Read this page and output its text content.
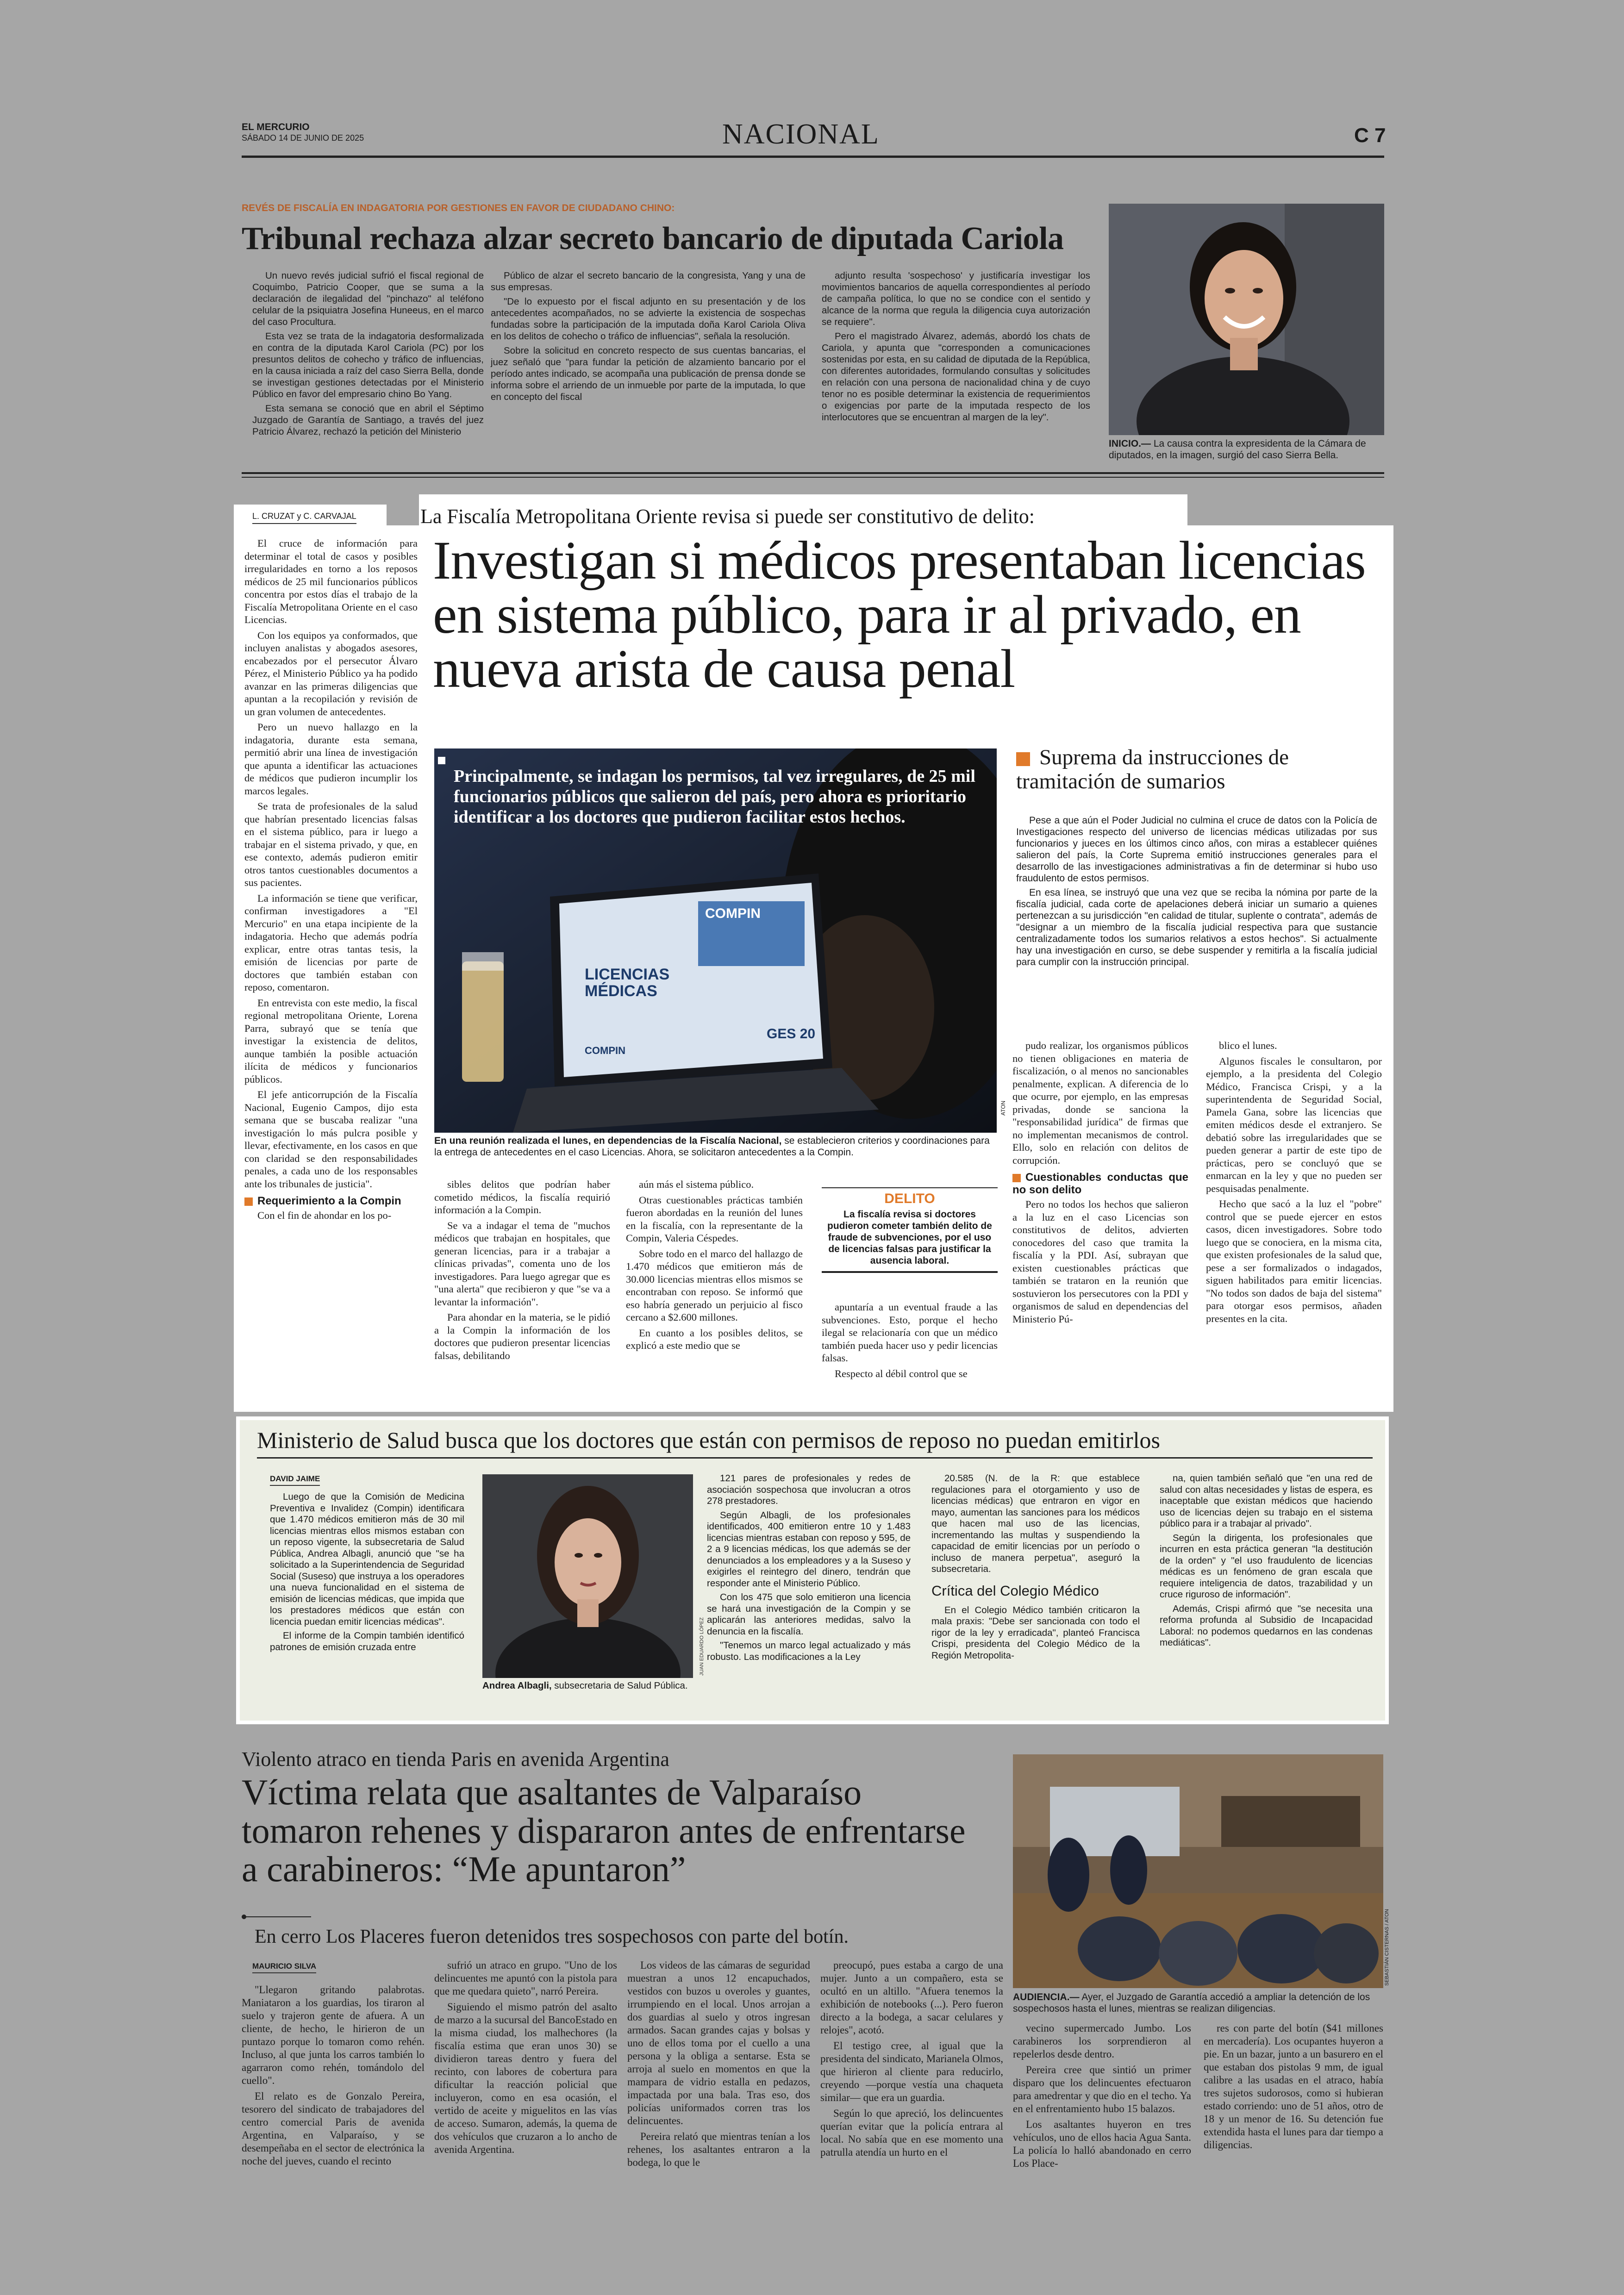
EL MERCURIO
SÁBADO 14 DE JUNIO DE 2025	NACIONAL	C 7
REVÉS DE FISCALÍA EN INDAGATORIA POR GESTIONES EN FAVOR DE CIUDADANO CHINO:
Tribunal rechaza alzar secreto bancario de diputada Cariola

Un nuevo revés judicial sufrió el fiscal regional de Coquimbo, Patricio Cooper, que se suma a la declaración de ilegalidad del "pinchazo" al teléfono celular de la psiquiatra Josefina Huneeus, en el marco del caso Procultura.

Esta vez se trata de la indagatoria desformalizada en contra de la diputada Karol Cariola (PC) por los presuntos delitos de cohecho y tráfico de influencias, en la causa iniciada a raíz del caso Sierra Bella, donde se investigan gestiones detectadas por el Ministerio Público en favor del empresario chino Bo Yang.

Esta semana se conoció que en abril el Séptimo Juzgado de Garantía de Santiago, a través del juez Patricio Álvarez, rechazó la petición del Ministerio

Público de alzar el secreto bancario de la congresista, Yang y una de sus empresas.

"De lo expuesto por el fiscal adjunto en su presentación y de los antecedentes acompañados, no se advierte la existencia de sospechas fundadas sobre la participación de la imputada doña Karol Cariola Oliva en los delitos de cohecho o tráfico de influencias", señala la resolución.

Sobre la solicitud en concreto respecto de sus cuentas bancarias, el juez señaló que "para fundar la petición de alzamiento bancario por el período antes indicado, se acompaña una publicación de prensa donde se informa sobre el arriendo de un inmueble por parte de la imputada, lo que en concepto del fiscal

adjunto resulta 'sospechoso' y justificaría investigar los movimientos bancarios de aquella correspondientes al período de campaña política, lo que no se condice con el sentido y alcance de la norma que regula la diligencia cuya autorización se requiere".

Pero el magistrado Álvarez, además, abordó los chats de Cariola, y apunta que "corresponden a comunicaciones sostenidas por esta, en su calidad de diputada de la República, con diferentes autoridades, formulando consultas y solicitudes en relación con una persona de nacionalidad china y de cuyo tenor no es posible determinar la existencia de requerimientos o exigencias por parte de la imputada respecto de los interlocutores que se encuentran al margen de la ley".

INICIO.— La causa contra la expresidenta de la Cámara de diputados, en la imagen, surgió del caso Sierra Bella.
L. CRUZAT y C. CARVAJAL	La Fiscalía Metropolitana Oriente revisa si puede ser constitutivo de delito:
Investigan si médicos presentaban licencias en sistema público, para ir al privado, en nueva arista de causa penal

El cruce de información para determinar el total de casos y posibles irregularidades en torno a los reposos médicos de 25 mil funcionarios públicos concentra por estos días el trabajo de la Fiscalía Metropolitana Oriente en el caso Licencias.

Con los equipos ya conformados, que incluyen analistas y abogados asesores, encabezados por el persecutor Álvaro Pérez, el Ministerio Público ya ha podido avanzar en las primeras diligencias que apuntan a la recopilación y revisión de un gran volumen de antecedentes.

Pero un nuevo hallazgo en la indagatoria, durante esta semana, permitió abrir una línea de investigación que apunta a identificar las actuaciones de médicos que pudieron incumplir los marcos legales.

Se trata de profesionales de la salud que habrían presentado licencias falsas en el sistema público, para ir luego a trabajar en el sistema privado, y que, en ese contexto, además pudieron emitir otros tantos cuestionables documentos a sus pacientes.

La información se tiene que verificar, confirman investigadores a "El Mercurio" en una etapa incipiente de la indagatoria. Hecho que además podría explicar, entre otras tantas tesis, la emisión de licencias por parte de doctores que también estaban con reposo, comentaron.

En entrevista con este medio, la fiscal regional metropolitana Oriente, Lorena Parra, subrayó que se tenía que investigar la existencia de delitos, aunque también la posible actuación ilícita de médicos y funcionarios públicos.

El jefe anticorrupción de la Fiscalía Nacional, Eugenio Campos, dijo esta semana que se buscaba realizar "una investigación lo más pulcra posible y llevar, efectivamente, en los casos en que con claridad se den responsabilidades penales, a cada uno de los responsables ante los tribunales de justicia".

Requerimiento a la Compin

Con el fin de ahondar en los po-

LICENCIAS
MÉDICAS
COMPIN
COMPIN
GES 20
Principalmente, se indagan los permisos, tal vez irregulares, de 25 mil funcionarios públicos que salieron del país, pero ahora es prioritario identificar a los doctores que pudieron facilitar estos hechos.
ATON
En una reunión realizada el lunes, en dependencias de la Fiscalía Nacional, se establecieron criterios y coordinaciones para la entrega de antecedentes en el caso Licencias. Ahora, se solicitaron antecedentes a la Compin.
Suprema da instrucciones de tramitación de sumarios

Pese a que aún el Poder Judicial no culmina el cruce de datos con la Policía de Investigaciones respecto del universo de licencias médicas utilizadas por sus funcionarios y jueces en los últimos cinco años, con miras a establecer quiénes salieron del país, la Corte Suprema emitió instrucciones generales para el desarrollo de las investigaciones administrativas a fin de determinar si hubo uso fraudulento de estos permisos.

En esa línea, se instruyó que una vez que se reciba la nómina por parte de la fiscalía judicial, cada corte de apelaciones deberá iniciar un sumario a quienes pertenezcan a su jurisdicción "en calidad de titular, suplente o contrata", además de "designar a un miembro de la fiscalía judicial respectiva para que sustancie centralizadamente todos los sumarios relativos a estos hechos". Si actualmente hay una investigación en curso, se debe suspender y remitirla a la fiscalía judicial para cumplir con la instrucción principal.

sibles delitos que podrían haber cometido médicos, la fiscalía requirió información a la Compin.

Se va a indagar el tema de "muchos médicos que trabajan en hospitales, que generan licencias, para ir a trabajar a clínicas privadas", comenta uno de los investigadores. Para luego agregar que es "una alerta" que recibieron y que "se va a levantar la información".

Para ahondar en la materia, se le pidió a la Compin la información de los doctores que pudieron presentar licencias falsas, debilitando

aún más el sistema público.

Otras cuestionables prácticas también fueron abordadas en la reunión del lunes en la fiscalía, con la representante de la Compin, Valeria Céspedes.

Sobre todo en el marco del hallazgo de 1.470 médicos que emitieron más de 30.000 licencias mientras ellos mismos se encontraban con reposo. Se informó que eso habría generado un perjuicio al fisco cercano a $2.600 millones.

En cuanto a los posibles delitos, se explicó a este medio que se

DELITO
La fiscalía revisa si doctores pudieron cometer también delito de fraude de subvenciones, por el uso de licencias falsas para justificar la ausencia laboral.

apuntaría a un eventual fraude a las subvenciones. Esto, porque el hecho ilegal se relacionaría con que un médico también pueda hacer uso y pedir licencias falsas.

Respecto al débil control que se

pudo realizar, los organismos públicos no tienen obligaciones en materia de fiscalización, o al menos no sancionables penalmente, explican. A diferencia de lo que ocurre, por ejemplo, en las empresas privadas, donde se sanciona la "responsabilidad jurídica" de firmas que no implementan mecanismos de control. Ello, solo en relación con delitos de corrupción.

Cuestionables conductas que no son delito

Pero no todos los hechos que salieron a la luz en el caso Licencias son constitutivos de delitos, advierten conocedores del caso que tramita la fiscalía y la PDI. Así, subrayan que existen cuestionables prácticas que también se trataron en la reunión que sostuvieron los persecutores con la PDI y organismos de salud en dependencias del Ministerio Pú-

blico el lunes.

Algunos fiscales le consultaron, por ejemplo, a la presidenta del Colegio Médico, Francisca Crispi, y a la superintendenta de Seguridad Social, Pamela Gana, sobre las licencias que emiten médicos desde el extranjero. Se debatió sobre las irregularidades que se pueden generar a partir de este tipo de prácticas, pero se concluyó que se enmarcan en la ley y que no pueden ser pesquisadas penalmente.

Hecho que sacó a la luz el "pobre" control que se puede ejercer en estos casos, dicen investigadores. Sobre todo luego que se conociera, en la misma cita, que existen profesionales de la salud que, pese a ser formalizados o indagados, siguen habilitados para emitir licencias. "No todos son dados de baja del sistema" para otorgar esos permisos, añaden presentes en la cita.

Ministerio de Salud busca que los doctores que están con permisos de reposo no puedan emitirlos
DAVID JAIME

Luego de que la Comisión de Medicina Preventiva e Invalidez (Compin) identificara que 1.470 médicos emitieron más de 30 mil licencias mientras ellos mismos estaban con un reposo vigente, la subsecretaria de Salud Pública, Andrea Albagli, anunció que "se ha solicitado a la Superintendencia de Seguridad Social (Suseso) que instruya a los operadores una nueva funcionalidad en el sistema de emisión de licencias médicas, que impida que los prestadores médicos que están con licencia puedan emitir licencias médicas".

El informe de la Compin también identificó patrones de emisión cruzada entre	JUAN EDUARDO LÓPEZ
Andrea Albagli, subsecretaria de Salud Pública.

121 pares de profesionales y redes de asociación sospechosa que involucran a otros 278 prestadores.

Según Albagli, de los profesionales identificados, 400 emitieron entre 10 y 1.483 licencias mientras estaban con reposo y 595, de 2 a 9 licencias médicas, los que además se der denunciados a los empleadores y a la Suseso y exigirles el reintegro del dinero, tendrán que responder ante el Ministerio Público.

Con los 475 que solo emitieron una licencia se hará una investigación de la Compin y se aplicarán las anteriores medidas, salvo la denuncia en la fiscalía.

"Tenemos un marco legal actualizado y más robusto. Las modificaciones a la Ley

20.585 (N. de la R: que establece regulaciones para el otorgamiento y uso de licencias médicas) que entraron en vigor en mayo, aumentan las sanciones para los médicos que hacen mal uso de las licencias, incrementando las multas y suspendiendo la capacidad de emitir licencias por un período o incluso de manera perpetua", aseguró la subsecretaria.

Crítica del Colegio Médico

En el Colegio Médico también criticaron la mala praxis: "Debe ser sancionada con todo el rigor de la ley y erradicada", planteó Francisca Crispi, presidenta del Colegio Médico de la Región Metropolita-

na, quien también señaló que "en una red de salud con altas necesidades y listas de espera, es inaceptable que existan médicos que haciendo uso de licencias dejen su trabajo en el sistema público para ir a trabajar al privado".

Según la dirigenta, los profesionales que incurren en esta práctica generan "la destitución de la orden" y "el uso fraudulento de licencias médicas es un fenómeno de gran escala que requiere inteligencia de datos, trazabilidad y un cruce riguroso de información".

Además, Crispi afirmó que "se necesita una reforma profunda al Subsidio de Incapacidad Laboral: no podemos quedarnos en las condenas mediáticas".

Violento atraco en tienda Paris en avenida Argentina
Víctima relata que asaltantes de Valparaíso tomaron rehenes y dispararon antes de enfrentarse a carabineros: “Me apuntaron”
En cerro Los Placeres fueron detenidos tres sospechosos con parte del botín.	SEBASTIÁN CISTERNAS / ATON
AUDIENCIA.— Ayer, el Juzgado de Garantía accedió a ampliar la detención de los sospechosos hasta el lunes, mientras se realizan diligencias.
MAURICIO SILVA

"Llegaron gritando palabrotas. Maniataron a los guardias, los tiraron al suelo y trajeron gente de afuera. A un cliente, de hecho, le hirieron de un puntazo porque lo tomaron como rehén. Incluso, al que junta los carros también lo agarraron como rehén, tomándolo del cuello".

El relato es de Gonzalo Pereira, tesorero del sindicato de trabajadores del centro comercial Paris de avenida Argentina, en Valparaíso, y se desempeñaba en el sector de electrónica la noche del jueves, cuando el recinto

sufrió un atraco en grupo. "Uno de los delincuentes me apuntó con la pistola para que me quedara quieto", narró Pereira.

Siguiendo el mismo patrón del asalto de marzo a la sucursal del BancoEstado en la misma ciudad, los malhechores (la fiscalía estima que eran unos 30) se dividieron tareas dentro y fuera del recinto, con labores de cobertura para dificultar la reacción policial que incluyeron, como en esa ocasión, el vertido de aceite y miguelitos en las vías de acceso. Sumaron, además, la quema de dos vehículos que cruzaron a lo ancho de avenida Argentina.

Los videos de las cámaras de seguridad muestran a unos 12 encapuchados, vestidos con buzos u overoles y guantes, irrumpiendo en el local. Unos arrojan a dos guardias al suelo y otros ingresan armados. Sacan grandes cajas y bolsas y uno de ellos toma por el cuello a una persona y la obliga a sentarse. Esta se arroja al suelo en momentos en que la mampara de vidrio estalla en pedazos, impactada por una bala. Tras eso, dos policías uniformados corren tras los delincuentes.

Pereira relató que mientras tenían a los rehenes, los asaltantes entraron a la bodega, lo que le

preocupó, pues estaba a cargo de una mujer. Junto a un compañero, esta se ocultó en un altillo. "Afuera tenemos la exhibición de notebooks (...). Pero fueron directo a la bodega, a sacar celulares y relojes", acotó.

El testigo cree, al igual que la presidenta del sindicato, Marianela Olmos, que hirieron al cliente para reducirlo, creyendo —porque vestía una chaqueta similar— que era un guardia.

Según lo que apreció, los delincuentes querían evitar que la policía entrara al local. No sabía que en ese momento una patrulla atendía un hurto en el

vecino supermercado Jumbo. Los carabineros los sorprendieron al repelerlos desde dentro.

Pereira cree que sintió un primer disparo que los delincuentes efectuaron para amedrentar y que dio en el techo. Ya en el enfrentamiento hubo 15 balazos.

Los asaltantes huyeron en tres vehículos, uno de ellos hacia Agua Santa. La policía lo halló abandonado en cerro Los Place-

res con parte del botín ($41 millones en mercadería). Los ocupantes huyeron a pie. En un bazar, junto a un basurero en el que estaban dos pistolas 9 mm, de igual calibre a las usadas en el atraco, había tres sujetos sudorosos, como si hubieran estado corriendo: uno de 51 años, otro de 18 y un menor de 16. Su detención fue extendida hasta el lunes para dar tiempo a diligencias.
